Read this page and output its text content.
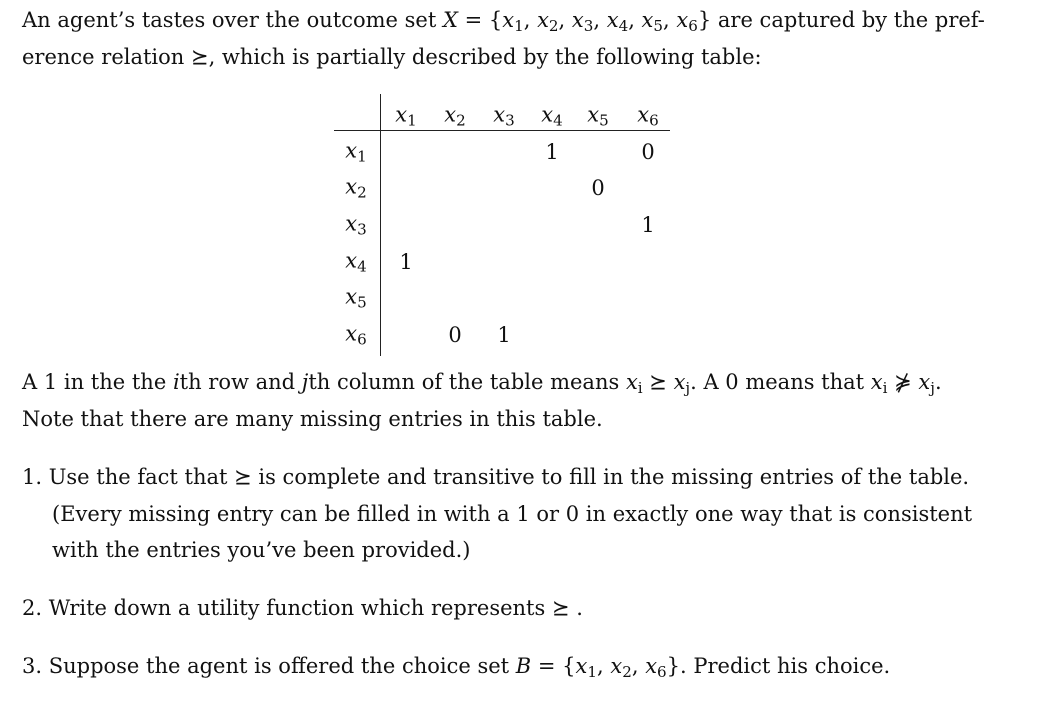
An agent’s tastes over the outcome set $X = \{x_1$, $x_2$, $x_3$, $x_4$, $x_5$, $x_6$} are captured by the pref-
erence relation ⪰, which is partially described by the following table:
$x_1$ $x_2$ $x_3$ $x_4$ $x_5$ $x_6$
$x_1$
$x_2$
$x_3$
$x_4$
$x_5$
$x_6$
1	0
0
1
1
0 1
A 1 in the the ith row and jth column of the table means $x_i$ ⪰ $x_j$. A 0 means that $x_i$ ⋡ $x_j$.
Note that there are many missing entries in this table.
1. Use the fact that ⪰ is complete and transitive to fill in the missing entries of the table.
(Every missing entry can be filled in with a 1 or 0 in exactly one way that is consistent
with the entries you’ve been provided.)
2. Write down a utility function which represents ⪰ .
3. Suppose the agent is offered the choice set $B = \{x_1$, $x_2$, $x_6$}. Predict his choice.
